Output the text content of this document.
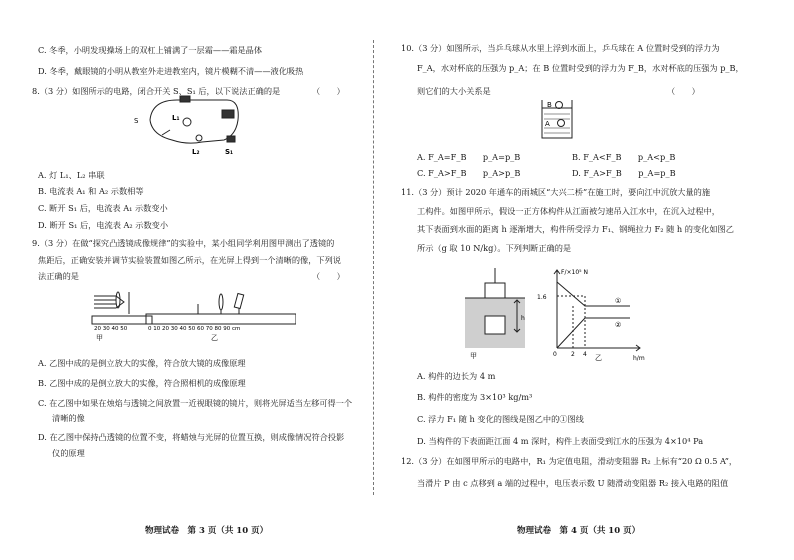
C. 冬季，小明发现操场上的双杠上铺满了一层霜——霜是晶体
D. 冬季，戴眼镜的小明从教室外走进教室内，镜片模糊不清——液化吸热
8.（3 分）如图所示的电路，闭合开关 S、S₁ 后，以下说法正确的是	（　　）
S	L₁
L₂	S₁
A. 灯 L₁、L₂ 串联
B. 电流表 A₁ 和 A₂ 示数相等
C. 断开 S₁ 后，电流表 A₁ 示数变小
D. 断开 S₁ 后，电流表 A₂ 示数变小
9.（3 分）在做“探究凸透镜成像规律”的实验中，某小组同学利用图甲测出了透镜的
焦距后，正确安装并调节实验装置如图乙所示，在光屏上得到一个清晰的像，下列说
法正确的是	（　　）
20 30 40 50	0 10 20 30 40 50 60 70 80 90 cm
甲	乙
A. 乙图中成的是倒立放大的实像，符合放大镜的成像原理
B. 乙图中成的是倒立放大的实像，符合照相机的成像原理
C. 在乙图中如果在烛焰与透镜之间放置一近视眼镜的镜片，则将光屏适当左移可得一个
清晰的像
D. 在乙图中保持凸透镜的位置不变，将蜡烛与光屏的位置互换，则成像情况符合投影
仪的原理
物理试卷　第 3 页（共 10 页）
10.（3 分）如图所示，当乒乓球从水里上浮到水面上，乒乓球在 A 位置时受到的浮力为
F_A，水对杯底的压强为 p_A；在 B 位置时受到的浮力为 F_B，水对杯底的压强为 p_B，
则它们的大小关系是	（　　）
A
B
A. F_A=F_B　　p_A=p_B	B. F_A<F_B　　p_A<p_B
C. F_A>F_B　　p_A>p_B	D. F_A>F_B　　p_A=p_B
11.（3 分）预计 2020 年通车的雨城区“大兴二桥”在施工时，要向江中沉放大量的施
工构件。如图甲所示，假设一正方体构件从江面被匀速吊入江水中，在沉入过程中，
其下表面到水面的距离 h 逐渐增大，构件所受浮力 F₁、钢绳拉力 F₂ 随 h 的变化如图乙
所示（g 取 10 N/kg）。下列判断正确的是
甲
h
F/×10⁵ N
1.6
0 2 4
h/m
①
②
乙
A. 构件的边长为 4 m
B. 构件的密度为 3×10³ kg/m³
C. 浮力 F₁ 随 h 变化的图线是图乙中的①图线
D. 当构件的下表面距江面 4 m 深时，构件上表面受到江水的压强为 4×10⁴ Pa
12.（3 分）在如图甲所示的电路中，R₁ 为定值电阻，滑动变阻器 R₂ 上标有“20 Ω 0.5 A”，
当滑片 P 由 c 点移到 a 端的过程中，电压表示数 U 随滑动变阻器 R₂ 接入电路的阻值
物理试卷　第 4 页（共 10 页）
